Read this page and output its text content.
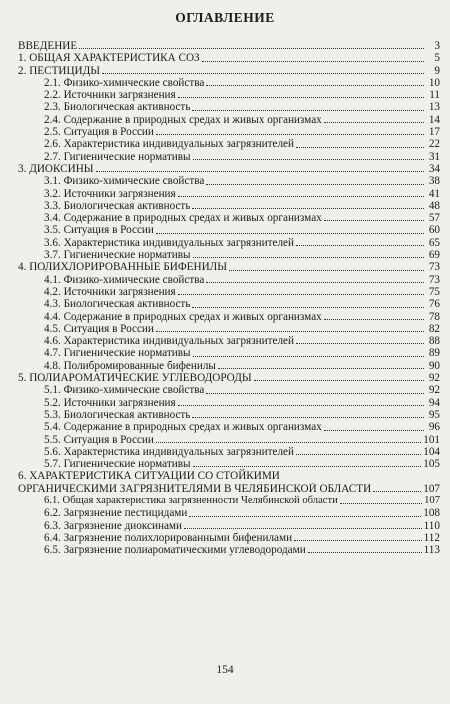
ОГЛАВЛЕНИЕ
ВВЕДЕНИЕ	3
1. ОБЩАЯ ХАРАКТЕРИСТИКА СОЗ	5
2. ПЕСТИЦИДЫ	9
2.1. Физико-химические свойства	10
2.2. Источники загрязнения	11
2.3. Биологическая активность	13
2.4. Содержание в природных средах и живых организмах	14
2.5. Ситуация в России	17
2.6. Характеристика индивидуальных загрязнителей	22
2.7. Гигиенические нормативы	31
3. ДИОКСИНЫ	34
3.1. Физико-химические свойства	38
3.2. Источники загрязнения	41
3.3. Биологическая активность	48
3.4. Содержание в природных средах и живых организмах	57
3.5. Ситуация в России	60
3.6. Характеристика индивидуальных загрязнителей	65
3.7. Гигиенические нормативы	69
4. ПОЛИХЛОРИРОВАННЫЕ БИФЕНИЛЫ	73
4.1. Физико-химические свойства	73
4.2. Источники загрязнения	75
4.3. Биологическая активность	76
4.4. Содержание в природных средах и живых организмах	78
4.5. Ситуация в России	82
4.6. Характеристика индивидуальных загрязнителей	88
4.7. Гигиенические нормативы	89
4.8. Полибромированные бифенилы	90
5. ПОЛИАРОМАТИЧЕСКИЕ УГЛЕВОДОРОДЫ	92
5.1. Физико-химические свойства	92
5.2. Источники загрязнения	94
5.3. Биологическая активность	95
5.4. Содержание в природных средах и живых организмах	96
5.5. Ситуация в России	101
5.6. Характеристика индивидуальных загрязнителей	104
5.7. Гигиенические нормативы	105
6. ХАРАКТЕРИСТИКА СИТУАЦИИ СО СТОЙКИМИ
ОРГАНИЧЕСКИМИ ЗАГРЯЗНИТЕЛЯМИ В ЧЕЛЯБИНСКОЙ ОБЛАСТИ	107
6.1. Общая характеристика загрязненности Челябинской области	107
6.2. Загрязнение пестицидами	108
6.3. Загрязнение диоксинами	110
6.4. Загрязнение полихлорированными бифенилами	112
6.5. Загрязнение полиароматическими углеводородами	113
154
